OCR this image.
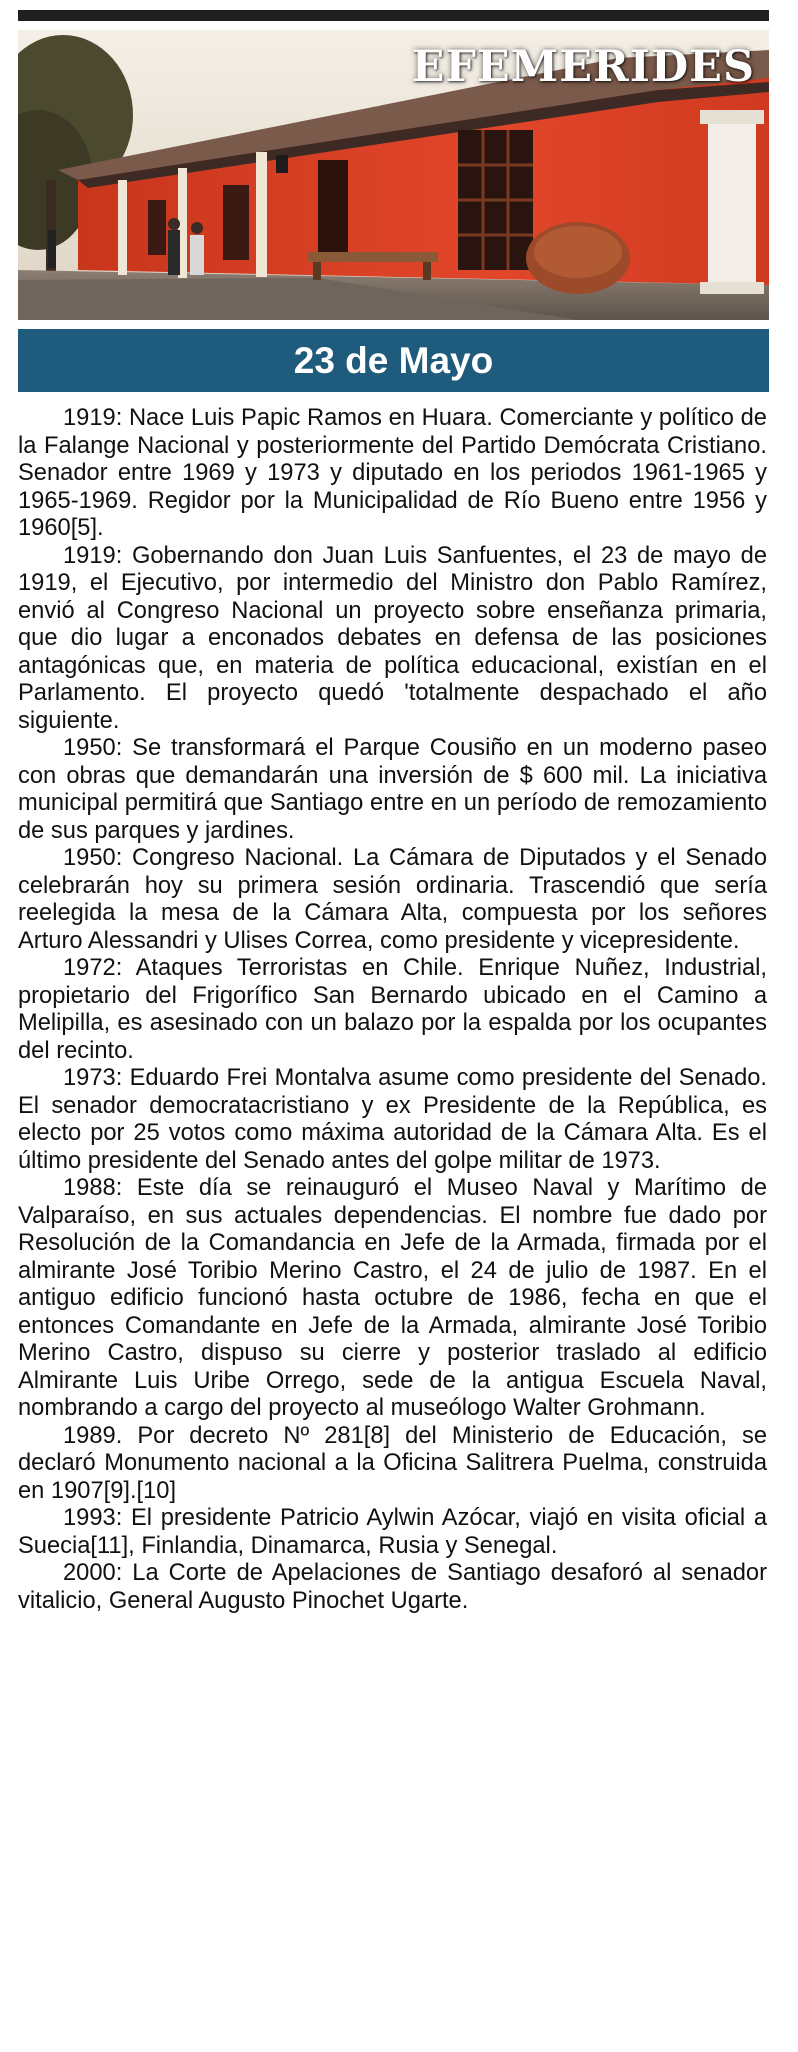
EFEMERIDES
23 de Mayo

1919: Nace Luis Papic Ramos en Huara. Comerciante y político de la Falange Nacional y posteriormente del Partido Demócrata Cristiano. Senador entre 1969 y 1973 y diputado en los periodos 1961-1965 y 1965-1969. Regidor por la Municipalidad de Río Bueno entre 1956 y 1960[5].

1919: Gobernando don Juan Luis Sanfuentes, el 23 de mayo de 1919, el Ejecutivo, por intermedio del Ministro don Pablo Ramírez, envió al Congreso Nacional un proyecto sobre enseñanza primaria, que dio lugar a enconados debates en defensa de las posiciones antagónicas que, en materia de política educacional, existían en el Parlamento. El proyecto quedó 'totalmente despachado el año siguiente.

1950: Se transformará el Parque Cousiño en un moderno paseo con obras que demandarán una inversión de $ 600 mil. La iniciativa municipal permitirá que Santiago entre en un período de remozamiento de sus parques y jardines.

1950: Congreso Nacional. La Cámara de Diputados y el Senado celebrarán hoy su primera sesión ordinaria. Trascendió que sería reelegida la mesa de la Cámara Alta, compuesta por los señores Arturo Alessandri y Ulises Correa, como presidente y vicepresidente.

1972: Ataques Terroristas en Chile. Enrique Nuñez, Industrial, propietario del Frigorífico San Bernardo ubicado en el Camino a Melipilla, es asesinado con un balazo por la espalda por los ocupantes del recinto.

1973: Eduardo Frei Montalva asume como presidente del Senado. El senador democratacristiano y ex Presidente de la República, es electo por 25 votos como máxima autoridad de la Cámara Alta. Es el último presidente del Senado antes del golpe militar de 1973.

1988: Este día se reinauguró el Museo Naval y Marítimo de Valparaíso, en sus actuales dependencias. El nombre fue dado por Resolución de la Comandancia en Jefe de la Armada, firmada por el almirante José Toribio Merino Castro, el 24 de julio de 1987. En el antiguo edificio funcionó hasta octubre de 1986, fecha en que el entonces Comandante en Jefe de la Armada, almirante José Toribio Merino Castro, dispuso su cierre y posterior traslado al edificio Almirante Luis Uribe Orrego, sede de la antigua Escuela Naval, nombrando a cargo del proyecto al museólogo Walter Grohmann.

1989. Por decreto Nº 281[8] del Ministerio de Educación, se declaró Monumento nacional a la Oficina Salitrera Puelma, construida en 1907[9].[10]

1993: El presidente Patricio Aylwin Azócar, viajó en visita oficial a Suecia[11], Finlandia, Dinamarca, Rusia y Senegal.

2000: La Corte de Apelaciones de Santiago desaforó al senador vitalicio, General Augusto Pinochet Ugarte.
